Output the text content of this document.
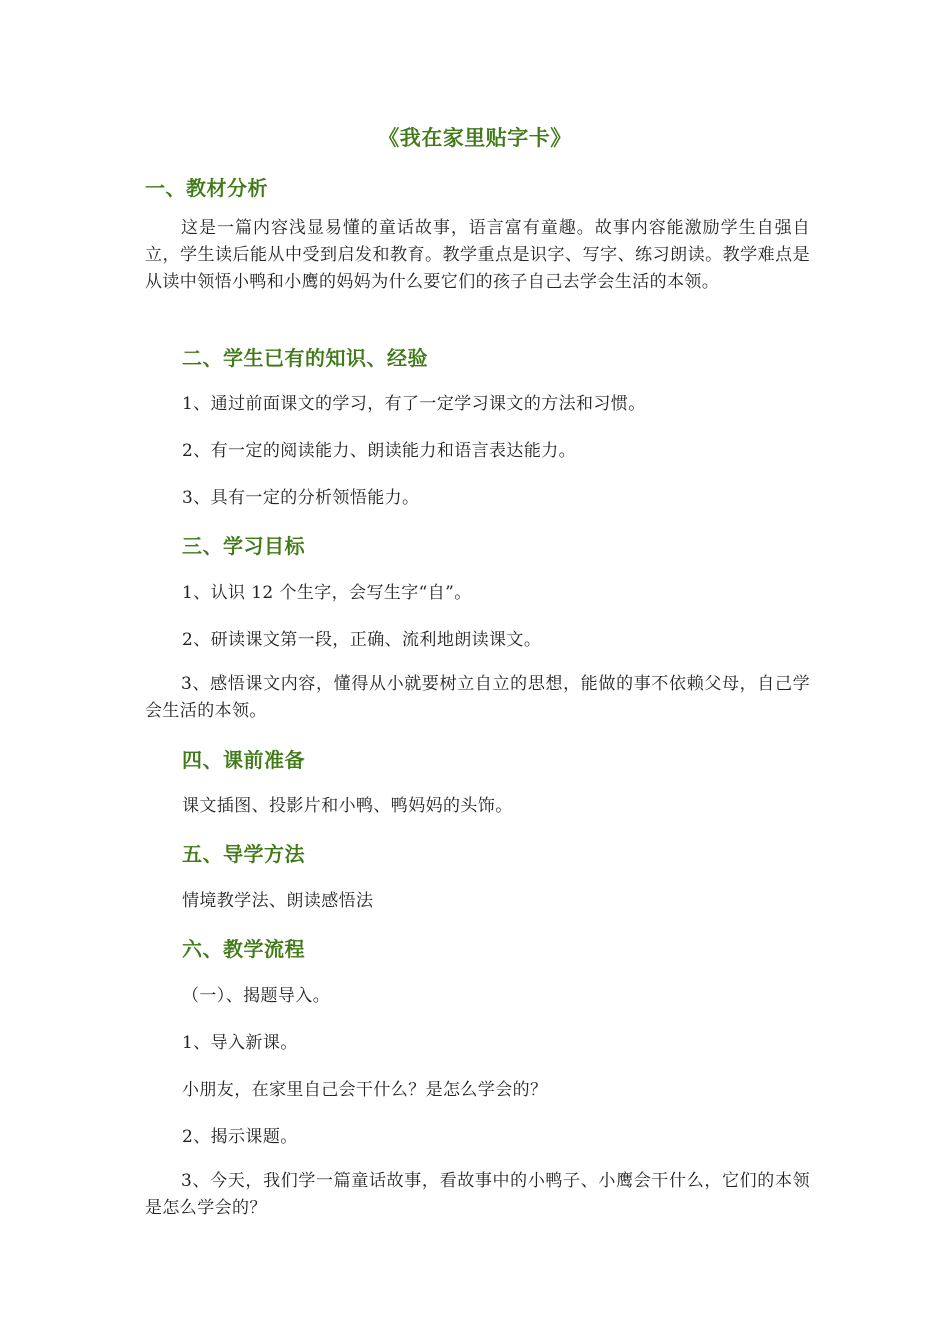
《我在家里贴字卡》
一、教材分析
这是一篇内容浅显易懂的童话故事，语言富有童趣。故事内容能激励学生自强自立，学生读后能从中受到启发和教育。教学重点是识字、写字、练习朗读。教学难点是从读中领悟小鸭和小鹰的妈妈为什么要它们的孩子自己去学会生活的本领。
二、学生已有的知识、经验
1、通过前面课文的学习，有了一定学习课文的方法和习惯。
2、有一定的阅读能力、朗读能力和语言表达能力。
3、具有一定的分析领悟能力。
三、学习目标
1、认识 12 个生字，会写生字“自”。
2、研读课文第一段，正确、流利地朗读课文。
3、感悟课文内容，懂得从小就要树立自立的思想，能做的事不依赖父母，自己学会生活的本领。
四、课前准备
课文插图、投影片和小鸭、鸭妈妈的头饰。
五、导学方法
情境教学法、朗读感悟法
六、教学流程
（一）、揭题导入。
1、导入新课。
小朋友，在家里自己会干什么？是怎么学会的？
2、揭示课题。
3、今天，我们学一篇童话故事，看故事中的小鸭子、小鹰会干什么，它们的本领是怎么学会的？
